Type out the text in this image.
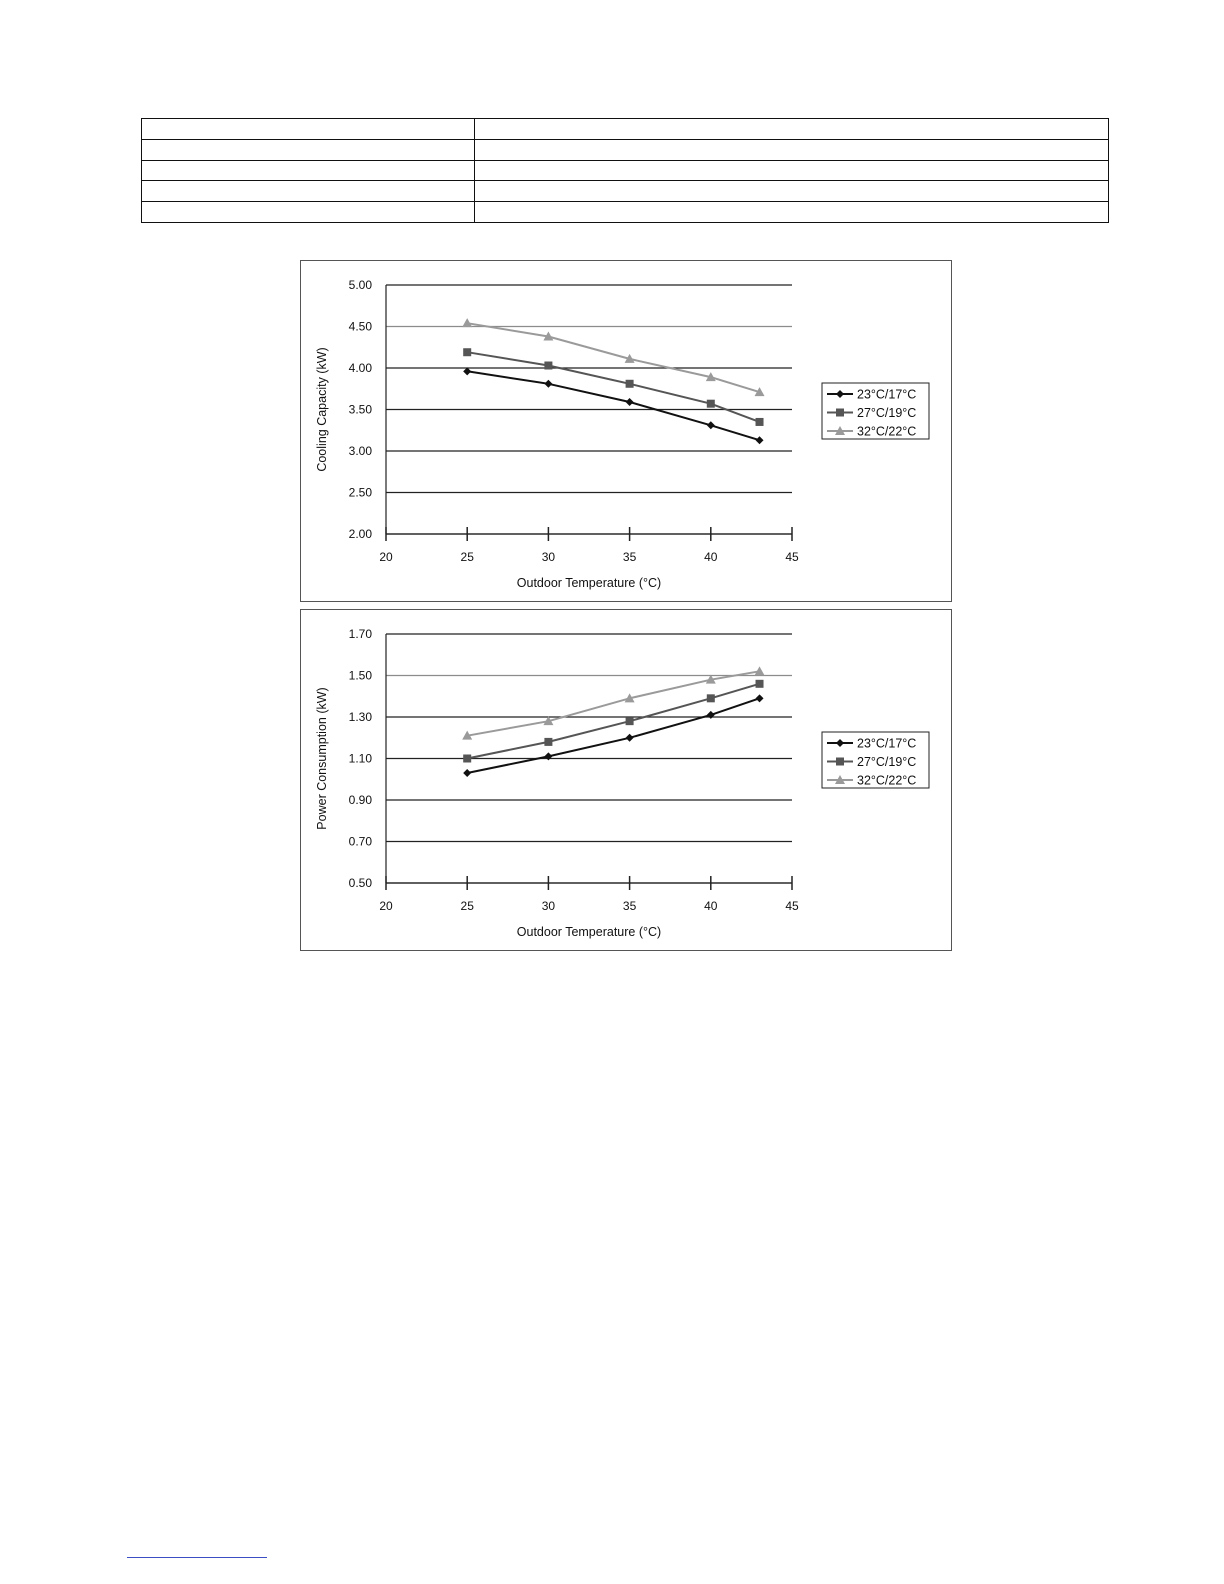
2.00
2.50
3.00
3.50
4.00
4.50
5.00
20	25	30	35	40	45
Outdoor Temperature (°C)
Cooling Capacity (kW)	23°C/17°C
27°C/19°C
32°C/22°C
0.50
0.70
0.90
1.10
1.30
1.50
1.70
20	25	30	35	40	45
Outdoor Temperature (°C)
Power Consumption (kW)	23°C/17°C
27°C/19°C
32°C/22°C
